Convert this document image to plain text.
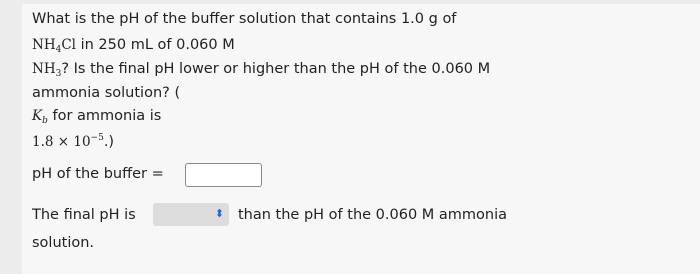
What is the pH of the buffer solution that contains 1.0 g of
$NH_4Cl$ in 250 mL of 0.060 M
$NH_3$? Is the final pH lower or higher than the pH of the 0.060 M
ammonia solution? (
$K_b$ for ammonia is
$1.8 \times 10^{-5}$.)
pH of the buffer =
The final pH is	⬍ than the pH of the 0.060 M ammonia
solution.
